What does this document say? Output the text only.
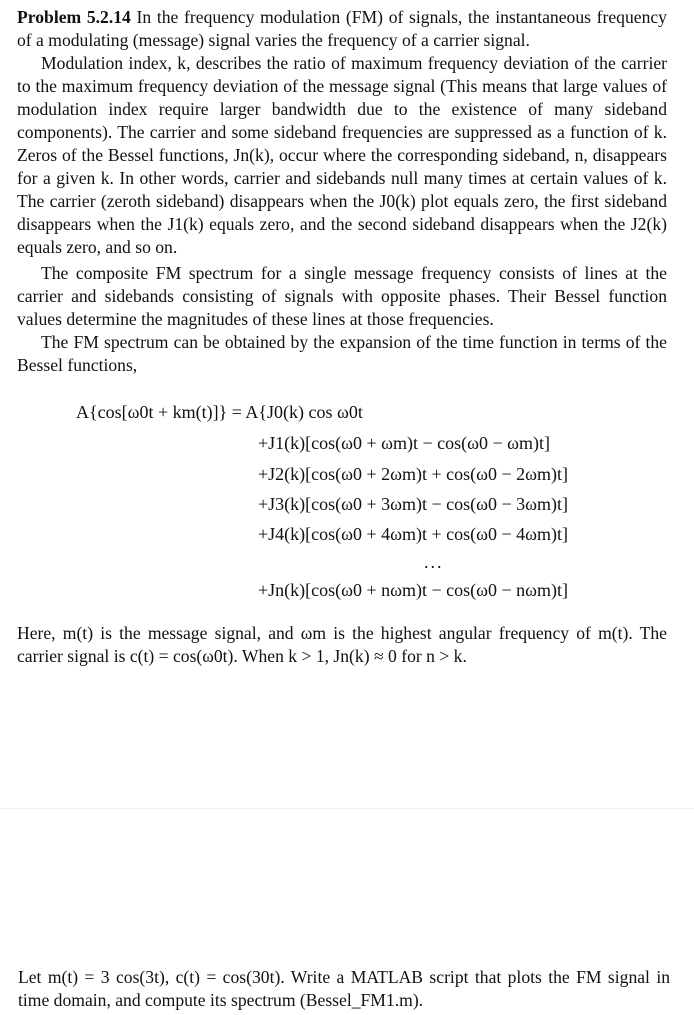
Problem 5.2.14 In the frequency modulation (FM) of signals, the instantaneous frequency of a modulating (message) signal varies the frequency of a carrier signal.

Modulation index, k, describes the ratio of maximum frequency deviation of the carrier to the maximum frequency deviation of the message signal (This means that large values of modulation index require larger bandwidth due to the existence of many sideband components). The carrier and some sideband frequencies are suppressed as a function of k. Zeros of the Bessel functions, Jn(k), occur where the corresponding sideband, n, disappears for a given k. In other words, carrier and sidebands null many times at certain values of k. The carrier (zeroth sideband) disappears when the J0(k) plot equals zero, the first sideband disappears when the J1(k) equals zero, and the second sideband disappears when the J2(k) equals zero, and so on.

The composite FM spectrum for a single message frequency consists of lines at the carrier and sidebands consisting of signals with opposite phases. Their Bessel function values determine the magnitudes of these lines at those frequencies.

The FM spectrum can be obtained by the expansion of the time function in terms of the Bessel functions,

A{cos[ω0t + km(t)]} = A{J0(k) cos ω0t
+J1(k)[cos(ω0 + ωm)t − cos(ω0 − ωm)t]
+J2(k)[cos(ω0 + 2ωm)t + cos(ω0 − 2ωm)t]
+J3(k)[cos(ω0 + 3ωm)t − cos(ω0 − 3ωm)t]
+J4(k)[cos(ω0 + 4ωm)t + cos(ω0 − 4ωm)t]
...
+Jn(k)[cos(ω0 + nωm)t − cos(ω0 − nωm)t]

Here, m(t) is the message signal, and ωm is the highest angular frequency of m(t). The carrier signal is c(t) = cos(ω0t). When k > 1, Jn(k) ≈ 0 for n > k.

Let m(t) = 3 cos(3t), c(t) = cos(30t). Write a MATLAB script that plots the FM signal in time domain, and compute its spectrum (Bessel_FM1.m).
